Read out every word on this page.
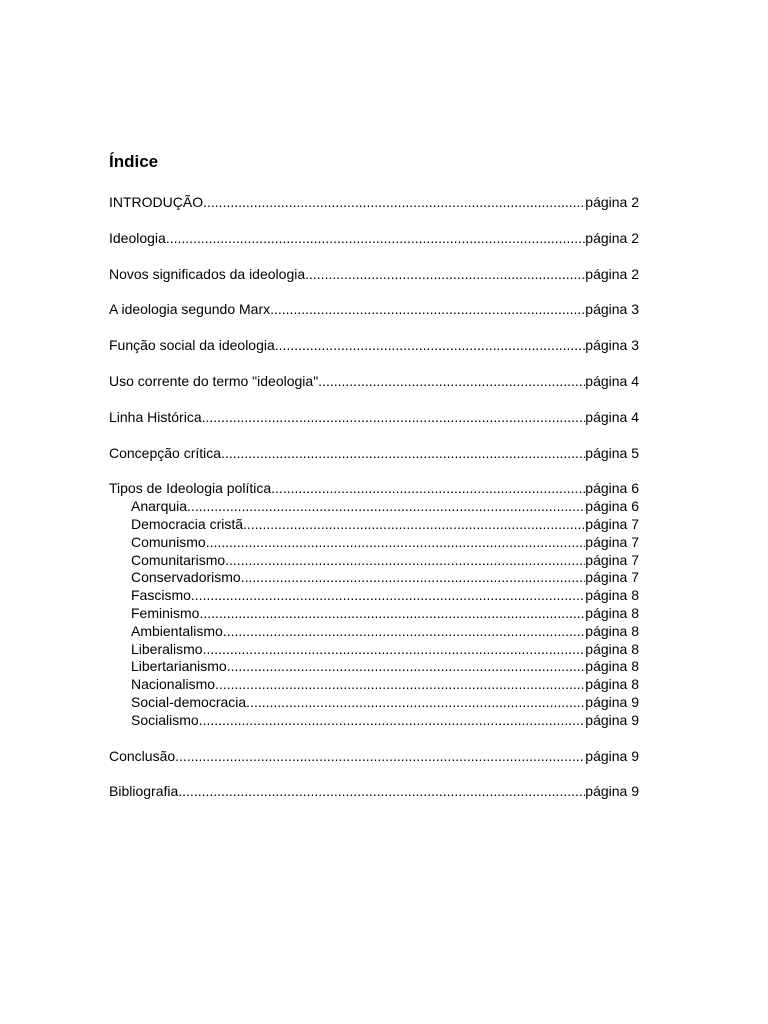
Índice
INTRODUÇÃO .....	página 2
Ideologia .....	página 2
Novos significados da ideologia .....	página 2
A ideologia segundo Marx .....	página 3
Função social da ideologia .....	página 3
Uso corrente do termo "ideologia" .....	página 4
Linha Histórica .....	página 4
Concepção crítica .....	página 5
Tipos de Ideologia política .....	página 6
Anarquia .....	página 6
Democracia cristã .....	página 7
Comunismo .....	página 7
Comunitarismo .....	página 7
Conservadorismo .....	página 7
Fascismo .....	página 8
Feminismo .....	página 8
Ambientalismo .....	página 8
Liberalismo .....	página 8
Libertarianismo .....	página 8
Nacionalismo .....	página 8
Social-democracia .....	página 9
Socialismo .....	página 9
Conclusão .....	página 9
Bibliografia .....	página 9
